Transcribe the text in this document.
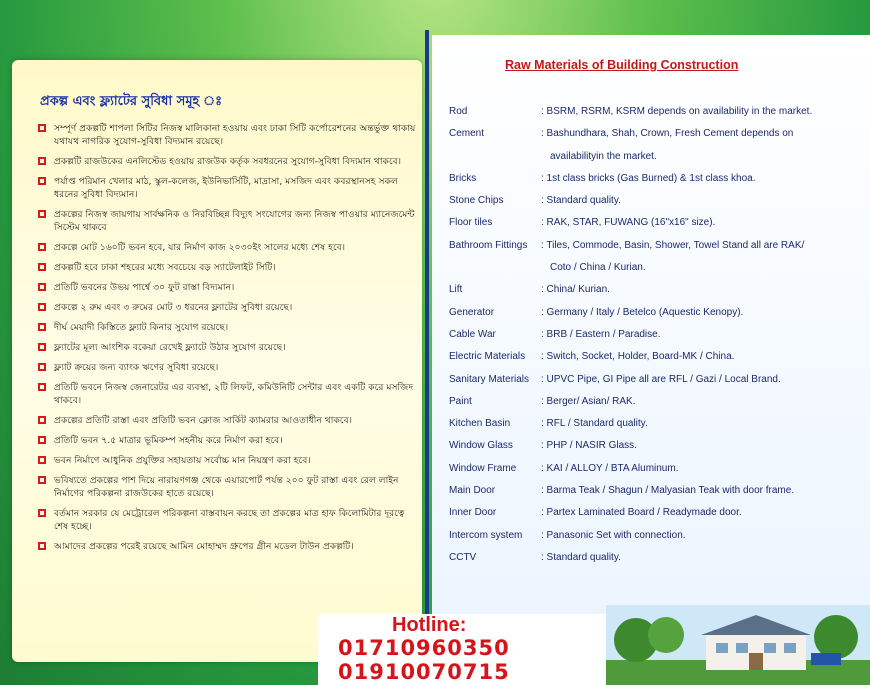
প্রকল্প এবং ফ্ল্যাটের সুবিধা সমূহ ঃ
সম্পূর্ণ প্রকল্পটি শাপলা সিটির নিজস্ব মালিকানা হওয়ায় এবং ঢাকা সিটি কর্পোরেশনের অন্তর্ভুক্ত থাকায় যথাযথ নাগরিক সুযোগ-সুবিধা বিদ্যমান রয়েছে।
প্রকল্পটি রাজউকের এনলিস্টেড হওয়ায় রাজউক কর্তৃক সবধরনের সুযোগ-সুবিধা বিদ্যমান থাকবে।
পর্যাপ্ত পরিমান খেলার মাঠ, স্কুল-কলেজ, ইউনিভার্সিটি, মাদ্রাসা, মসজিদ এবং কবরস্থানসহ সকল ধরনের সুবিধা বিদ্যমান।
প্রকল্পের নিজস্ব জায়গায় সার্বক্ষনিক ও নিরবিচ্ছিন্ন বিদ্যুৎ সংযোগের জন্য নিজস্ব পাওয়ার ম্যানেজমেন্ট সিস্টেম থাকবে
প্রকল্পে মোট ১৬০টি ভবন হবে, যার নির্মাণ কাজ ২০৩০ইং সালের মধ্যে শেষ হবে।
প্রকল্পটি হবে ঢাকা শহরের মধ্যে সবচেয়ে বড় স্যাটেলাইট সিটি।
প্রতিটি ভবনের উভয় পার্শ্বে ৩০ ফুট রাস্তা বিদ্যমান।
প্রকল্পে ২ রুম এবং ৩ রুমের মোট ৩ ধরনের ফ্ল্যাটের সুবিধা রয়েছে।
দীর্ঘ মেয়াদী কিস্তিতে ফ্ল্যাট কিনার সুযোগ রয়েছে।
ফ্ল্যাটের মূল্য আংশিক বকেয়া রেখেই ফ্ল্যাটে উঠার সুযোগ রয়েছে।
ফ্ল্যাট ক্রয়ের জন্য ব্যাংক ঋণের সুবিধা রয়েছে।
প্রতিটি ভবনে নিজস্ব জেনারেটর এর ব্যবস্থা, ২টি লিফট, কমিউনিটি সেন্টার এবং একটি করে মসজিদ থাকবে।
প্রকল্পের প্রতিটি রাস্তা এবং প্রতিটি ভবন ক্লোজ সার্কিট ক্যামরার আওতাধীন থাকবে।
প্রতিটি ভবন ৭.৫ মাত্রার ভূমিকম্প সহনীয় করে নির্মাণ করা হবে।
ভবন নির্মাণে আধুনিক প্রযুক্তির সহায়তায় সর্বোচ্চ মান নিয়ন্ত্রণ করা হবে।
ভবিষ্যতে প্রকল্পের পাশ দিয়ে নারায়ণগঞ্জ থেকে এয়ারপোর্ট পর্যন্ত ২০০ ফুট রাস্তা এবং রেল লাইন নির্মাণের পরিকল্পনা রাজউকের হাতে রয়েছে।
বর্তমান সরকার যে মেট্রোরেল পরিকল্পনা বাস্তবায়ন করছে তা প্রকল্পের মাত্র হাফ কিলোমিটার দূরত্বে শেষ হচ্ছে।
আমাদের প্রকল্পের পরেই রয়েছে আমিন মোহাম্মদ গ্রুপের গ্রীন মডেল টাউন প্রকল্পটি।
Raw Materials of Building Construction
Rod	: BSRM, RSRM, KSRM depends on availability in the market.
Cement	: Bashundhara, Shah, Crown, Fresh Cement depends on
availabilityin the market.
Bricks	: 1st class bricks (Gas Burned) & 1st class khoa.
Stone Chips	: Standard quality.
Floor tiles	: RAK, STAR, FUWANG (16"x16" size).
Bathroom Fittings	: Tiles, Commode, Basin, Shower, Towel Stand all are RAK/
Coto / China / Kurian.
Lift	: China/ Kurian.
Generator	: Germany / Italy / Betelco (Aquestic Kenopy).
Cable War	: BRB / Eastern / Paradise.
Electric Materials	: Switch, Socket, Holder, Board-MK / China.
Sanitary Materials	: UPVC Pipe, GI Pipe all are RFL / Gazi / Local Brand.
Paint	: Berger/ Asian/ RAK.
Kitchen Basin	: RFL / Standard quality.
Window Glass	: PHP / NASIR Glass.
Window Frame	: KAI / ALLOY / BTA Aluminum.
Main Door	: Barma Teak / Shagun / Malyasian Teak with door frame.
Inner Door	: Partex Laminated Board / Readymade door.
Intercom system	: Panasonic Set with connection.
CCTV	: Standard quality.
Hotline:
01710960350
01910070715
